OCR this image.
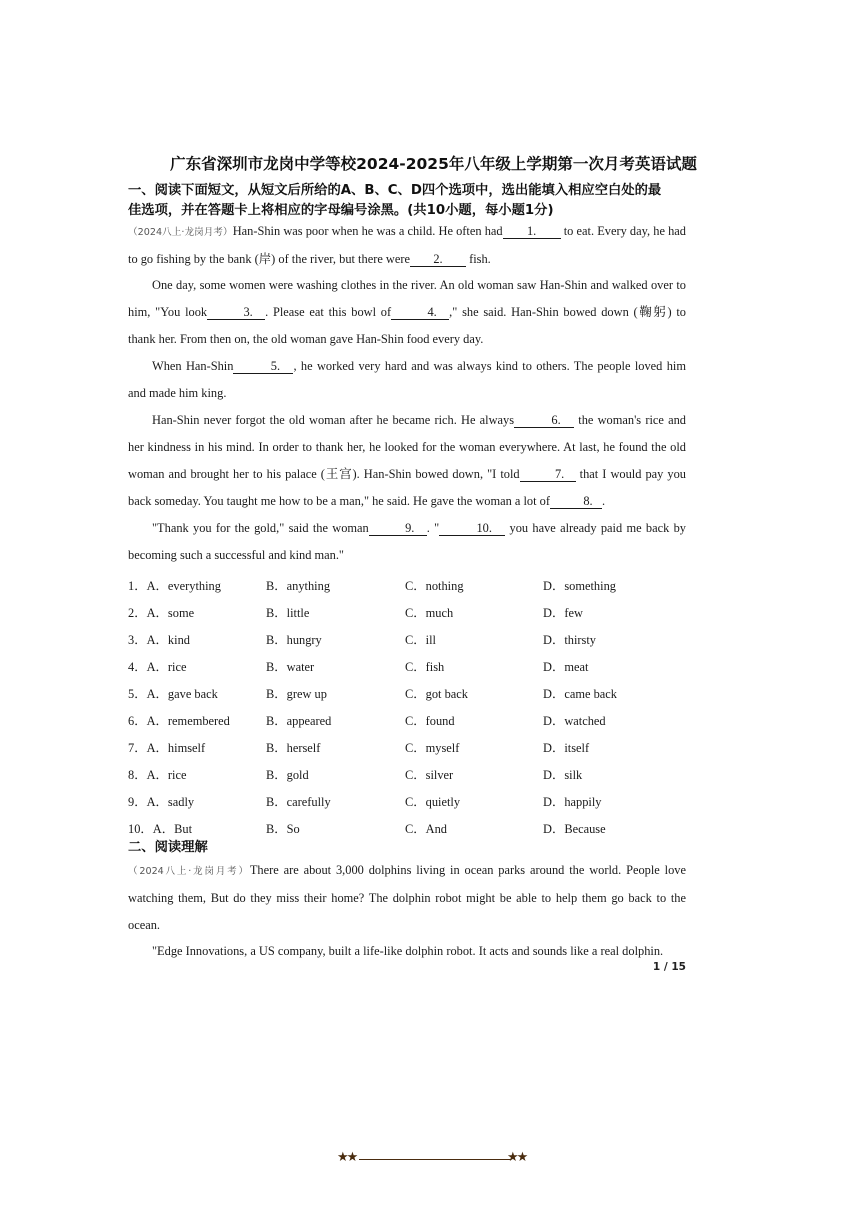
广东省深圳市龙岗中学等校2024-2025年八年级上学期第一次月考英语试题
一、阅读下面短文，从短文后所给的A、B、C、D四个选项中，选出能填入相应空白处的最
佳选项，并在答题卡上将相应的字母编号涂黑。(共10小题，每小题1分)
（2024八上·龙岗月考）Han-Shin was poor when he was a child. He often had 1. to eat. Every day, he had to go fishing by the bank (岸) of the river, but there were 2. fish.
One day, some women were washing clothes in the river. An old woman saw Han-Shin and walked over to him, "You look	3. . Please eat this bowl of	4. ," she said. Han-Shin bowed down (鞠躬) to thank her. From then on, the old woman gave Han-Shin food every day.
When Han-Shin	5. , he worked very hard and was always kind to others. The people loved him and made him king.
Han-Shin never forgot the old woman after he became rich. He always	6. the woman's rice and her kindness in his mind. In order to thank her, he looked for the woman everywhere. At last, he found the old woman and brought her to his palace (王宫). Han-Shin bowed down, "I told	7. that I would pay you back someday. You taught me how to be a man," he said. He gave the woman a lot of	8. .
"Thank you for the gold," said the woman	9. . "	10. you have already paid me back by becoming such a successful and kind man."
1．A．everything	B．anything	C．nothing	D．something
2．A．some	B．little	C．much	D．few
3．A．kind	B．hungry	C．ill	D．thirsty
4．A．rice	B．water	C．fish	D．meat
5．A．gave back	B．grew up	C．got back	D．came back
6．A．remembered	B．appeared	C．found	D．watched
7．A．himself	B．herself	C．myself	D．itself
8．A．rice	B．gold	C．silver	D．silk
9．A．sadly	B．carefully	C．quietly	D．happily
10．A．But	B．So	C．And	D．Because
二、阅读理解
（2024八上·龙岗月考）There are about 3,000 dolphins living in ocean parks around the world. People love watching them, But do they miss their home? The dolphin robot might be able to help them go back to the ocean.
"Edge Innovations, a US company, built a life-like dolphin robot. It acts and sounds like a real dolphin.
1 / 15
★★	★★
